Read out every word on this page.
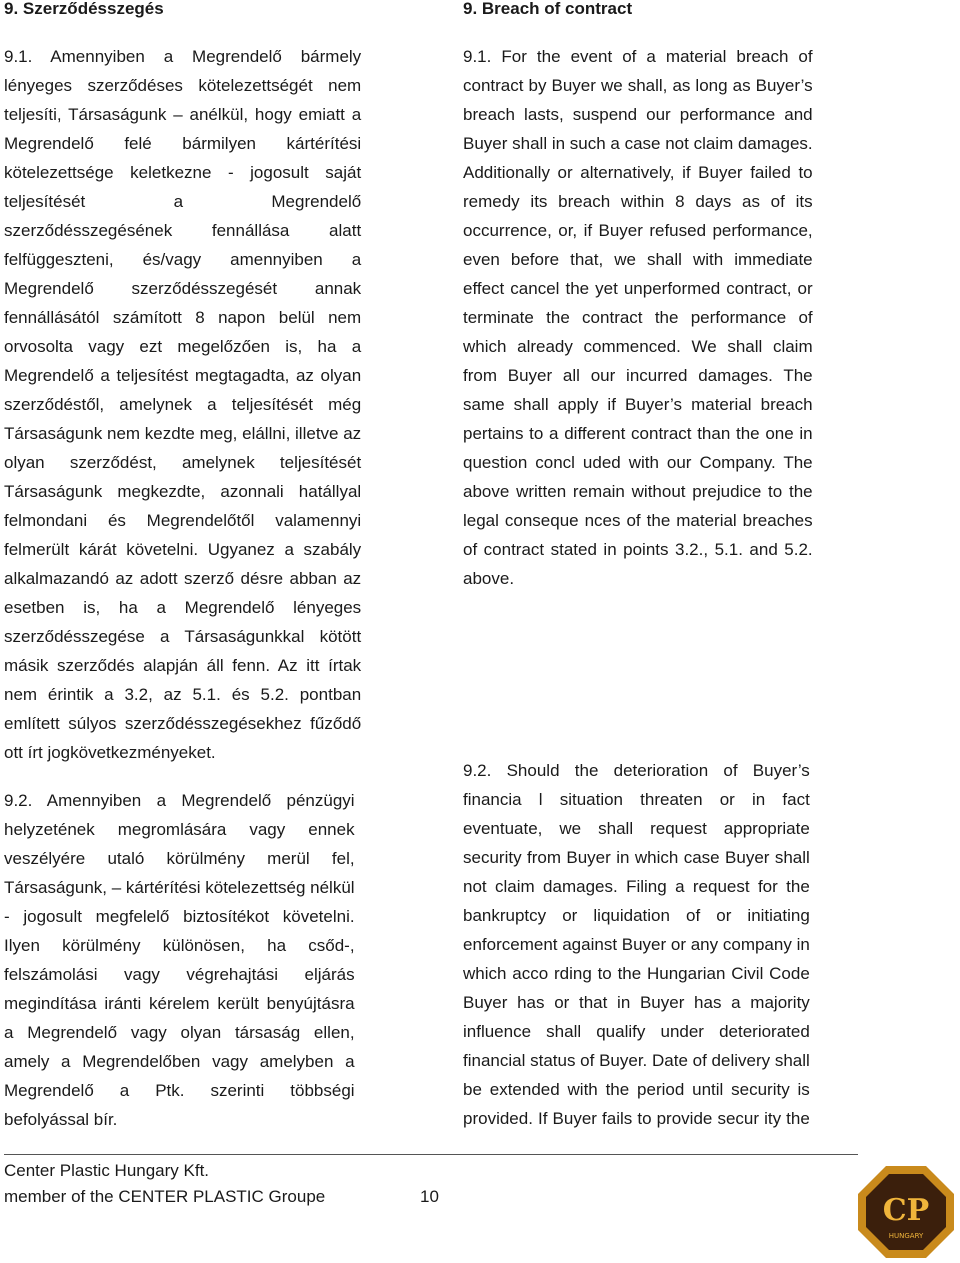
9. Szerződésszegés
9.1. Amennyiben a Megrendelő bármely
lényeges szerződéses kötelezettségét nem
teljesíti, Társaságunk – anélkül, hogy emiatt a
Megrendelő felé bármilyen kártérítési
kötelezettsége keletkezne - jogosult saját
teljesítését a Megrendelő
szerződésszegésének fennállása alatt
felfüggeszteni, és/vagy amennyiben a
Megrendelő szerződésszegését annak
fennállásától számított 8 napon belül nem
orvosolta vagy ezt megelőzően is, ha a
Megrendelő a teljesítést megtagadta, az olyan
szerződéstől, amelynek a teljesítését még
Társaságunk nem kezdte meg, elállni, illetve az
olyan szerződést, amelynek teljesítését
Társaságunk megkezdte, azonnali hatállyal
felmondani és Megrendelőtől valamennyi
felmerült kárát követelni. Ugyanez a szabály
alkalmazandó az adott szerző désre abban az
esetben is, ha a Megrendelő lényeges
szerződésszegése a Társaságunkkal kötött
másik szerződés alapján áll fenn. Az itt írtak
nem érintik a 3.2, az 5.1. és 5.2. pontban
említett súlyos szerződésszegésekhez fűződő
ott írt jogkövetkezményeket.
9.2. Amennyiben a Megrendelő pénzügyi
helyzetének megromlására vagy ennek
veszélyére utaló körülmény merül fel,
Társaságunk, – kártérítési kötelezettség nélkül
- jogosult megfelelő biztosítékot követelni.
Ilyen körülmény különösen, ha csőd-,
felszámolási vagy végrehajtási eljárás
megindítása iránti kérelem került benyújtásra
a Megrendelő vagy olyan társaság ellen,
amely a Megrendelőben vagy amelyben a
Megrendelő a Ptk. szerinti többségi
befolyással bír.
9. Breach of contract
9.1. For the event of a material breach of
contract by Buyer we shall, as long as Buyer’s
breach lasts, suspend our performance and
Buyer shall in such a case not claim damages.
Additionally or alternatively, if Buyer failed to
remedy its breach within 8 days as of its
occurrence, or, if Buyer refused performance,
even before that, we shall with immediate
effect cancel the yet unperformed contract, or
terminate the contract the performance of
which already commenced. We shall claim
from Buyer all our incurred damages. The
same shall apply if Buyer’s material breach
pertains to a different contract than the one in
question concl uded with our Company. The
above written remain without prejudice to the
legal conseque nces of the material breaches
of contract stated in points 3.2., 5.1. and 5.2.
above.
9.2. Should the deterioration of Buyer’s
financia l situation threaten or in fact
eventuate, we shall request appropriate
security from Buyer in which case Buyer shall
not claim damages. Filing a request for the
bankruptcy or liquidation of or initiating
enforcement against Buyer or any company in
which acco rding to the Hungarian Civil Code
Buyer has or that in Buyer has a majority
influence shall qualify under deteriorated
financial status of Buyer. Date of delivery shall
be extended with the period until security is
provided. If Buyer fails to provide secur ity the
Center Plastic Hungary Kft.
member of the CENTER PLASTIC Groupe	10	CP
HUNGARY
